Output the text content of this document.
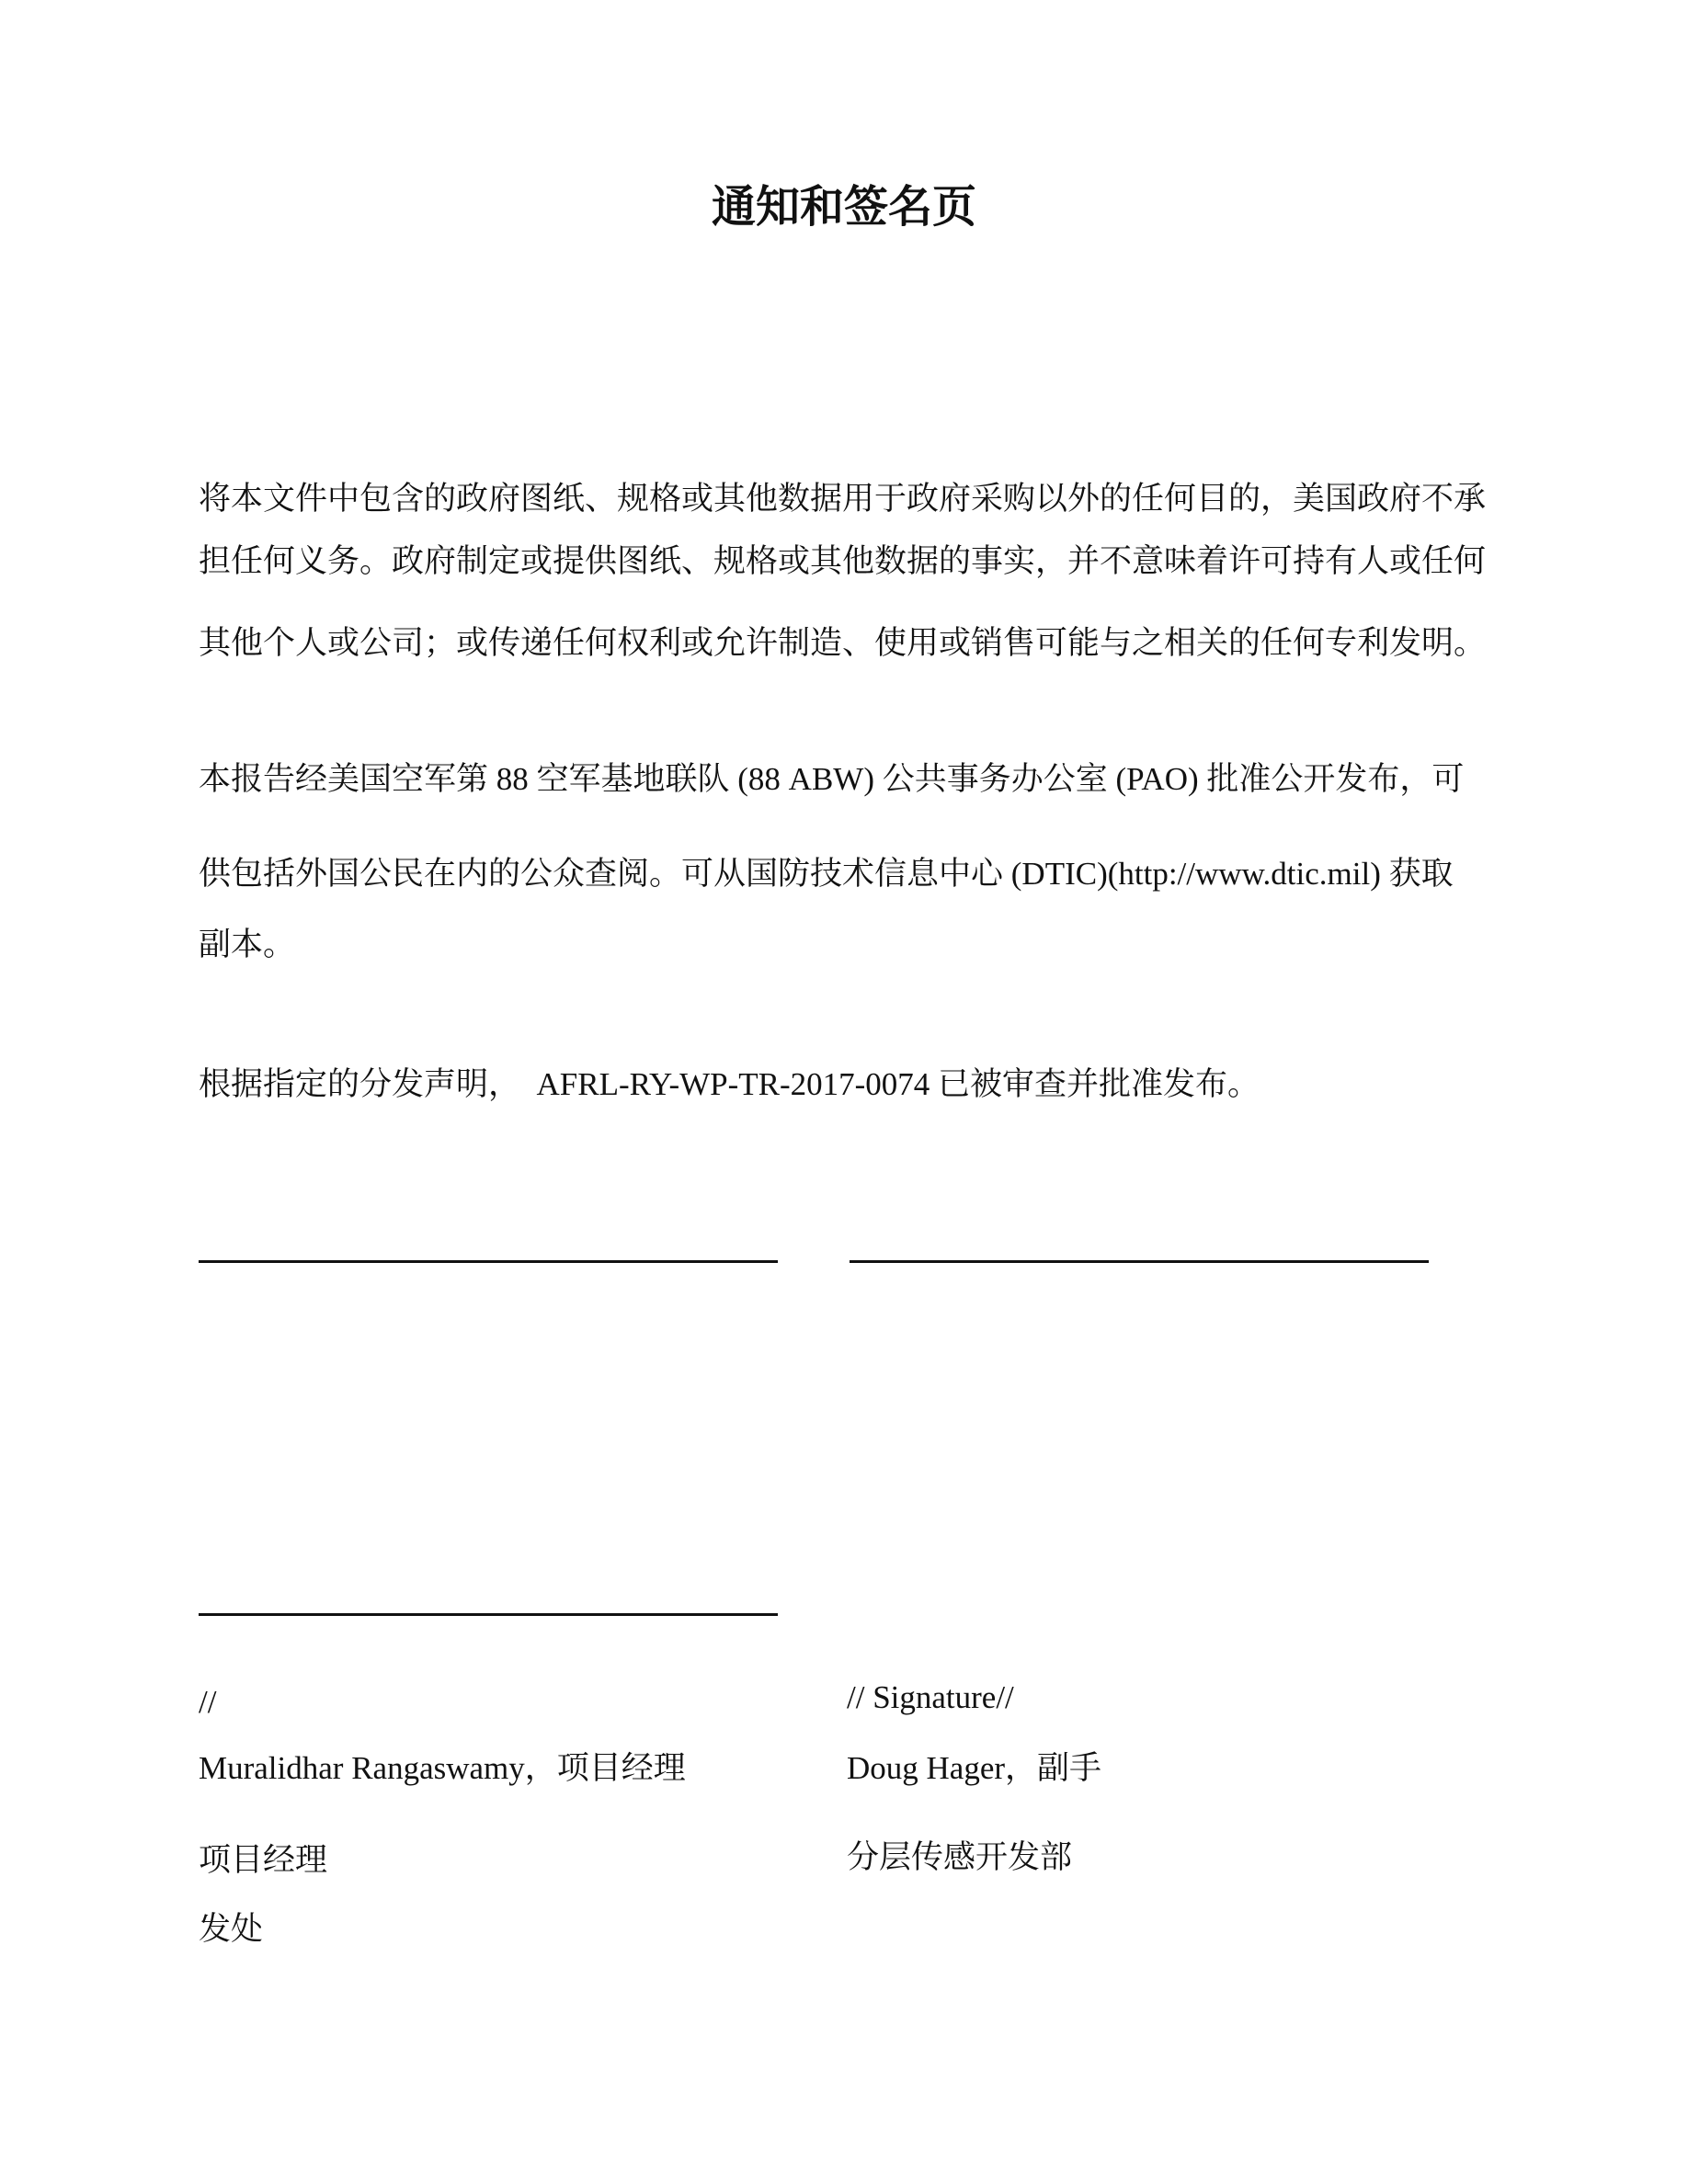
通知和签名页
将本文件中包含的政府图纸、规格或其他数据用于政府采购以外的任何目的，美国政府不承
担任何义务。政府制定或提供图纸、规格或其他数据的事实，并不意味着许可持有人或任何
其他个人或公司；或传递任何权利或允许制造、使用或销售可能与之相关的任何专利发明。
本报告经美国空军第 88 空军基地联队 (88 ABW) 公共事务办公室 (PAO) 批准公开发布，可
供包括外国公民在内的公众查阅。可从国防技术信息中心 (DTIC)(http://www.dtic.mil) 获取
副本。
根据指定的分发声明，  AFRL-RY-WP-TR-2017-0074 已被审查并批准发布。
//
Muralidhar Rangaswamy，项目经理
项目经理
发处
// Signature//
Doug Hager，副手
分层传感开发部
